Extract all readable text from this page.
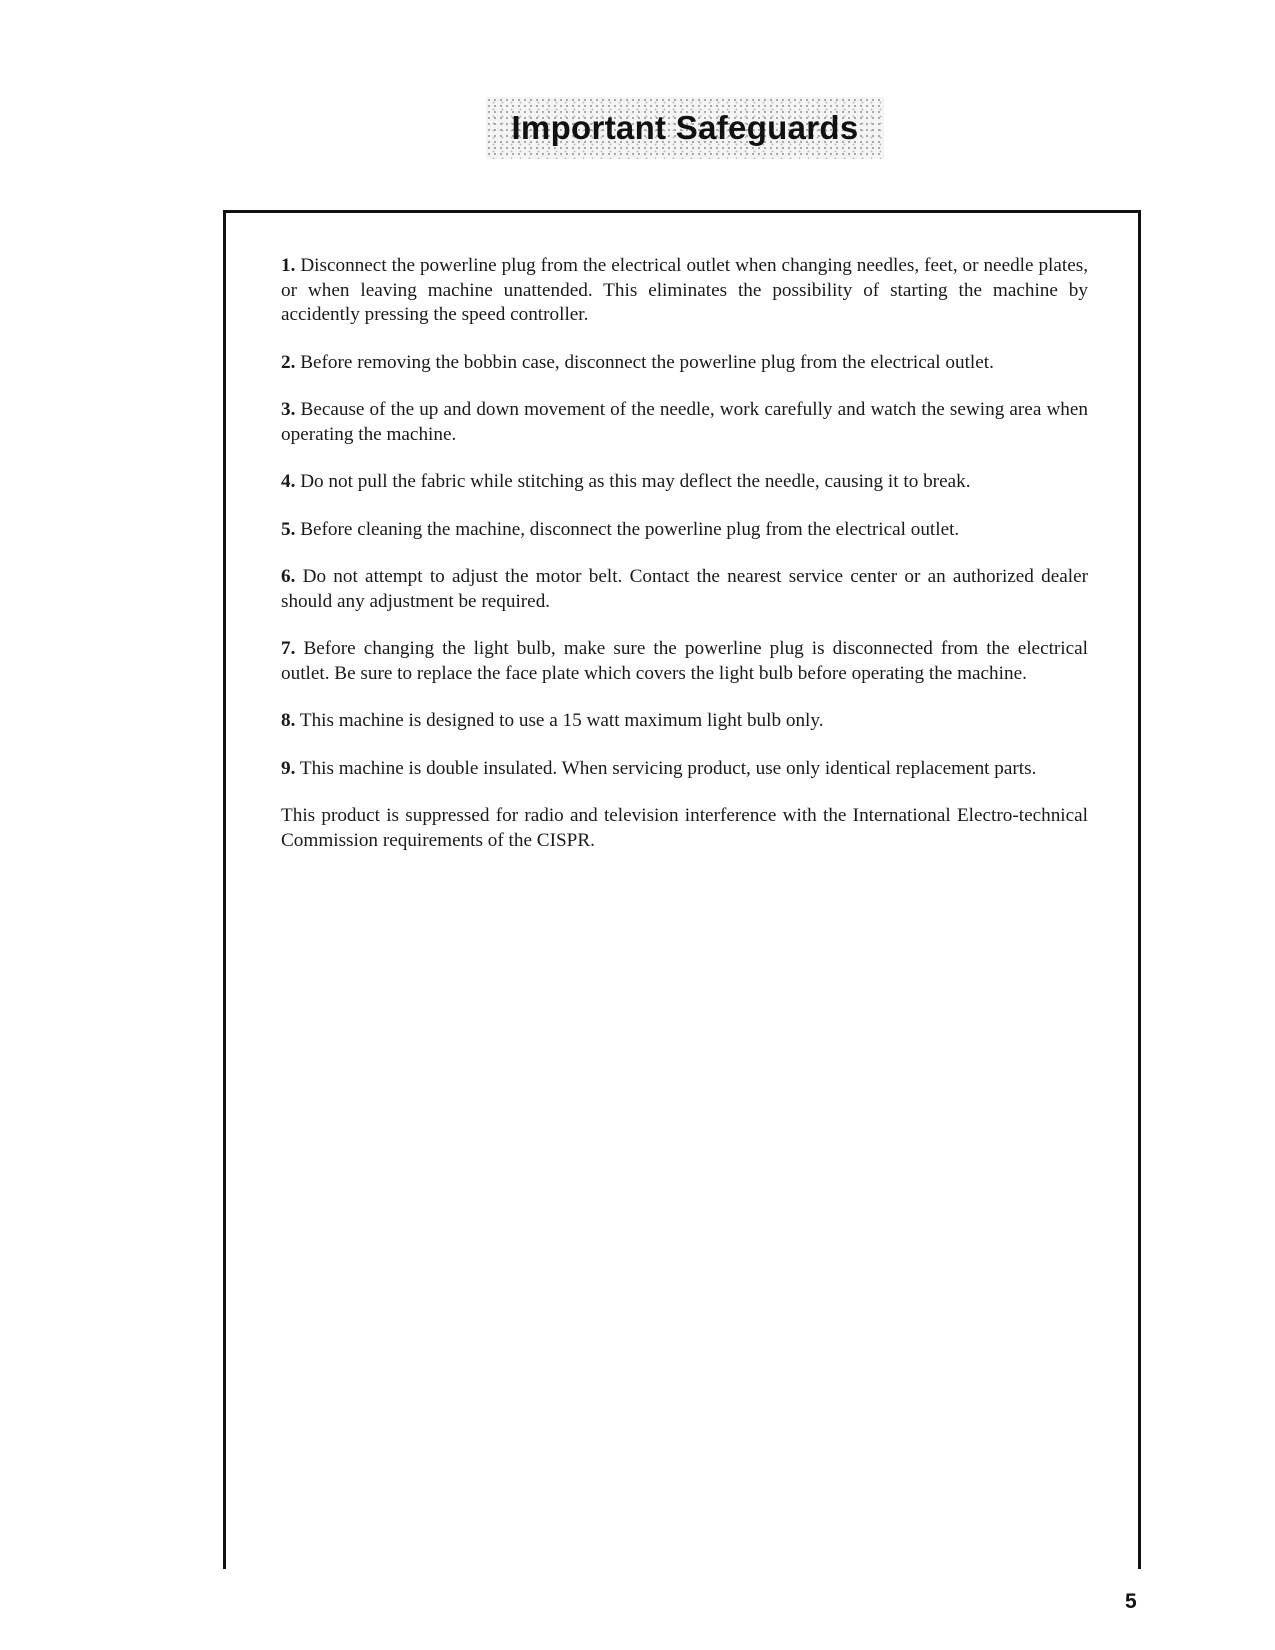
Important Safeguards

1. Disconnect the powerline plug from the electrical outlet when changing needles, feet, or needle plates, or when leaving machine unattended. This eliminates the possibility of starting the machine by accidently pressing the speed controller.

2. Before removing the bobbin case, disconnect the powerline plug from the electrical outlet.

3. Because of the up and down movement of the needle, work carefully and watch the sewing area when operating the machine.

4. Do not pull the fabric while stitching as this may deflect the needle, causing it to break.

5. Before cleaning the machine, disconnect the powerline plug from the electrical outlet.

6. Do not attempt to adjust the motor belt. Contact the nearest service center or an authorized dealer should any adjustment be required.

7. Before changing the light bulb, make sure the powerline plug is disconnected from the electrical outlet. Be sure to replace the face plate which covers the light bulb before operating the machine.

8. This machine is designed to use a 15 watt maximum light bulb only.

9. This machine is double insulated. When servicing product, use only identical replacement parts.

This product is suppressed for radio and television interference with the International Electro-technical Commission requirements of the CISPR.

5
